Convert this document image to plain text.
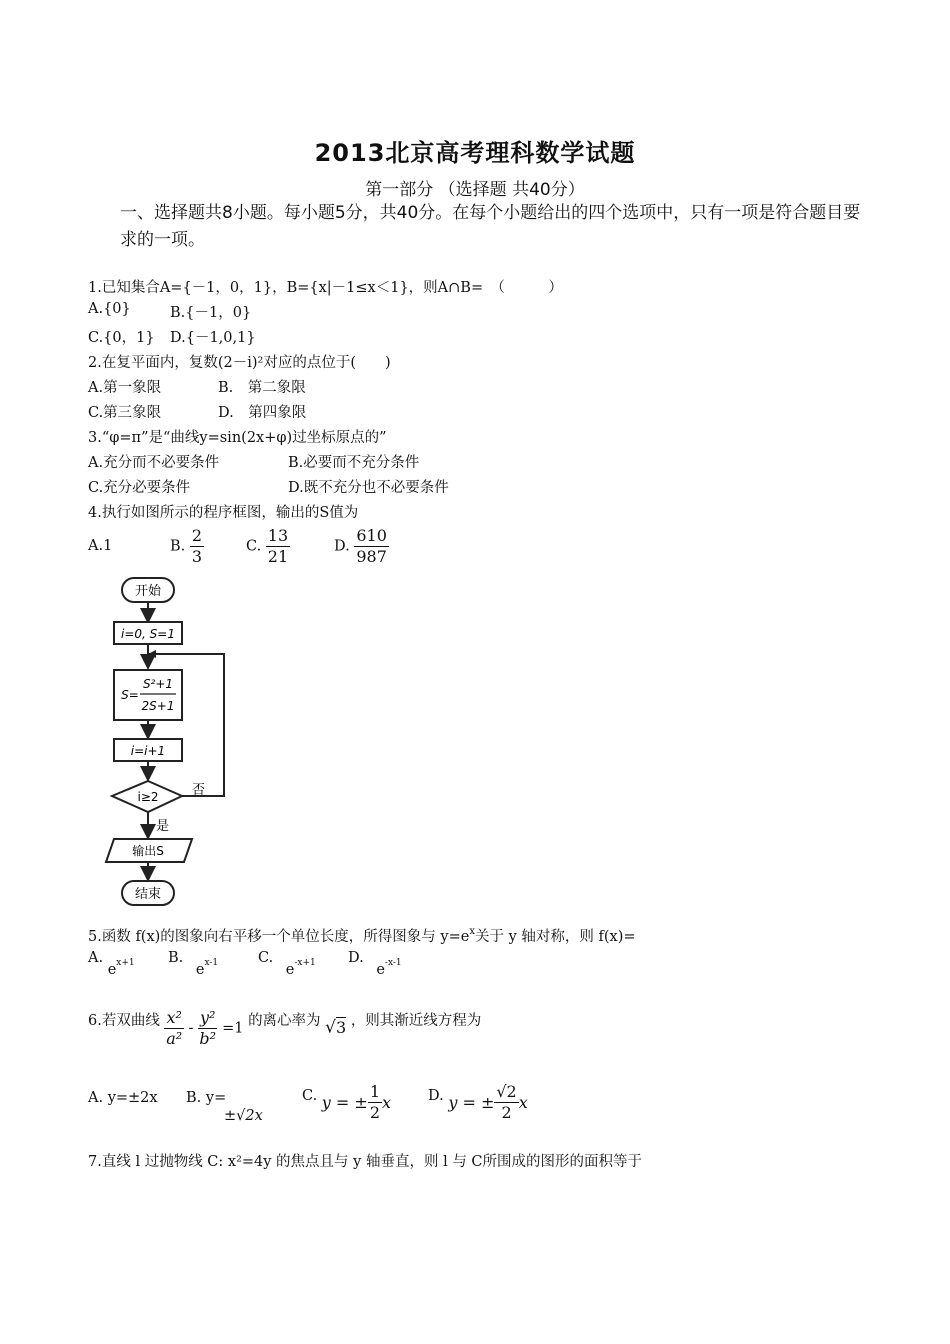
2013北京高考理科数学试题
第一部分 （选择题 共40分）
一、选择题共8小题。每小题5分，共40分。在每个小题给出的四个选项中，只有一项是符合题目要求的一项。
1.已知集合A={－1，0，1}，B={x|－1≤x＜1}，则A∩B=　（　　　）
A.{0}	B.{－1，0}
C.{0，1} D.{－1,0,1}
2.在复平面内，复数(2－i)²对应的点位于(　　)
A.第一象限	B.　第二象限
C.第三象限	D.　第四象限
3.“φ=π”是“曲线y=sin(2x+φ)过坐标原点的”
A.充分而不必要条件	B.必要而不充分条件
C.充分必要条件	D.既不充分也不必要条件
4.执行如图所示的程序框图，输出的S值为
A.1	B. $\frac{2}{3}$	C. $\frac{13}{21}$	D. $\frac{610}{987}$
开始
i=0, S=1
S=
S²+1
2S+1
i=i+1
i≥2	否
是
输出S
结束
5.函数 f(x)的图象向右平移一个单位长度，所得图象与 $y=e^x$关于 y 轴对称，则 f(x)=
A. $e_{x+1}$ B. $e_{x-1}$	C. $e_{-x+1}$ D. $e_{-x-1}$
6.若双曲线 $\frac{\text{x²}}{\text{a²}} - \frac{\text{y²}}{\text{b²}} =1$ 的离心率为 √3 ，则其渐近线方程为
A. y=±2x B. y=
±√2x
C. y = ± $\frac{1}{2}$ x	D. y = ± $\frac{√2}{2}$ x
7.直线 l 过抛物线 C: x²=4y 的焦点且与 y 轴垂直，则 l 与 C所围成的图形的面积等于
